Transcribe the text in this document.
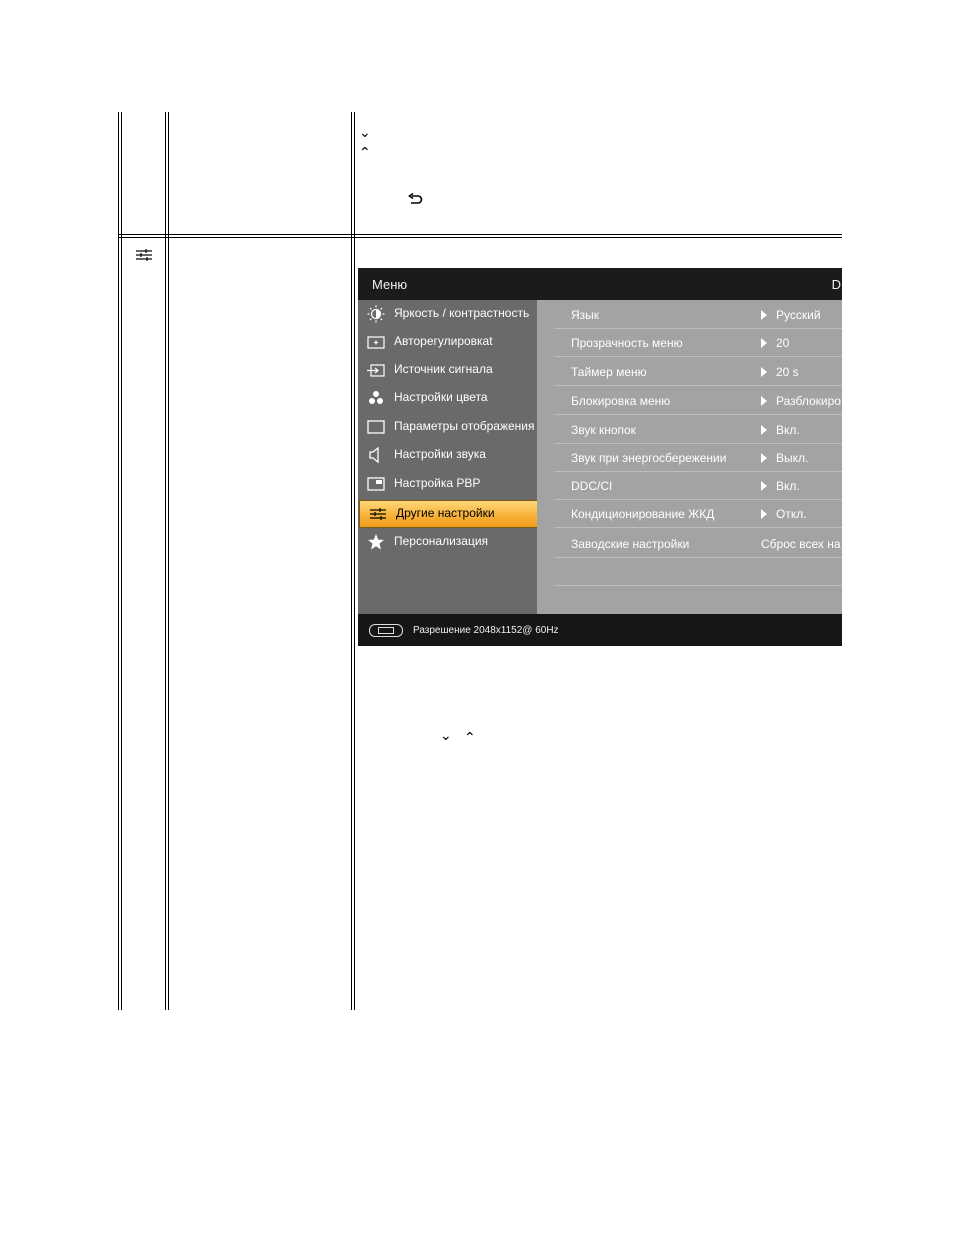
⌄
⌃
Меню	D
Яркость / контрастность
Авторегулировкаt
Источник сигнала
Настройки цвета
Параметры отображения
Настройки звука
Настройка PBP
Другие настройки
Персонализация
Язык	Русский
Прозрачность меню	20
Таймер меню	20 s
Блокировка меню	Разблокиро
Звук кнопок	Вкл.
Звук при энергосбережении	Выкл.
DDC/CI	Вкл.
Кондиционирование ЖКД	Откл.
Заводские настройки	Сброс всех на
Разрешение 2048x1152@ 60Hz
⌄ ⌃
